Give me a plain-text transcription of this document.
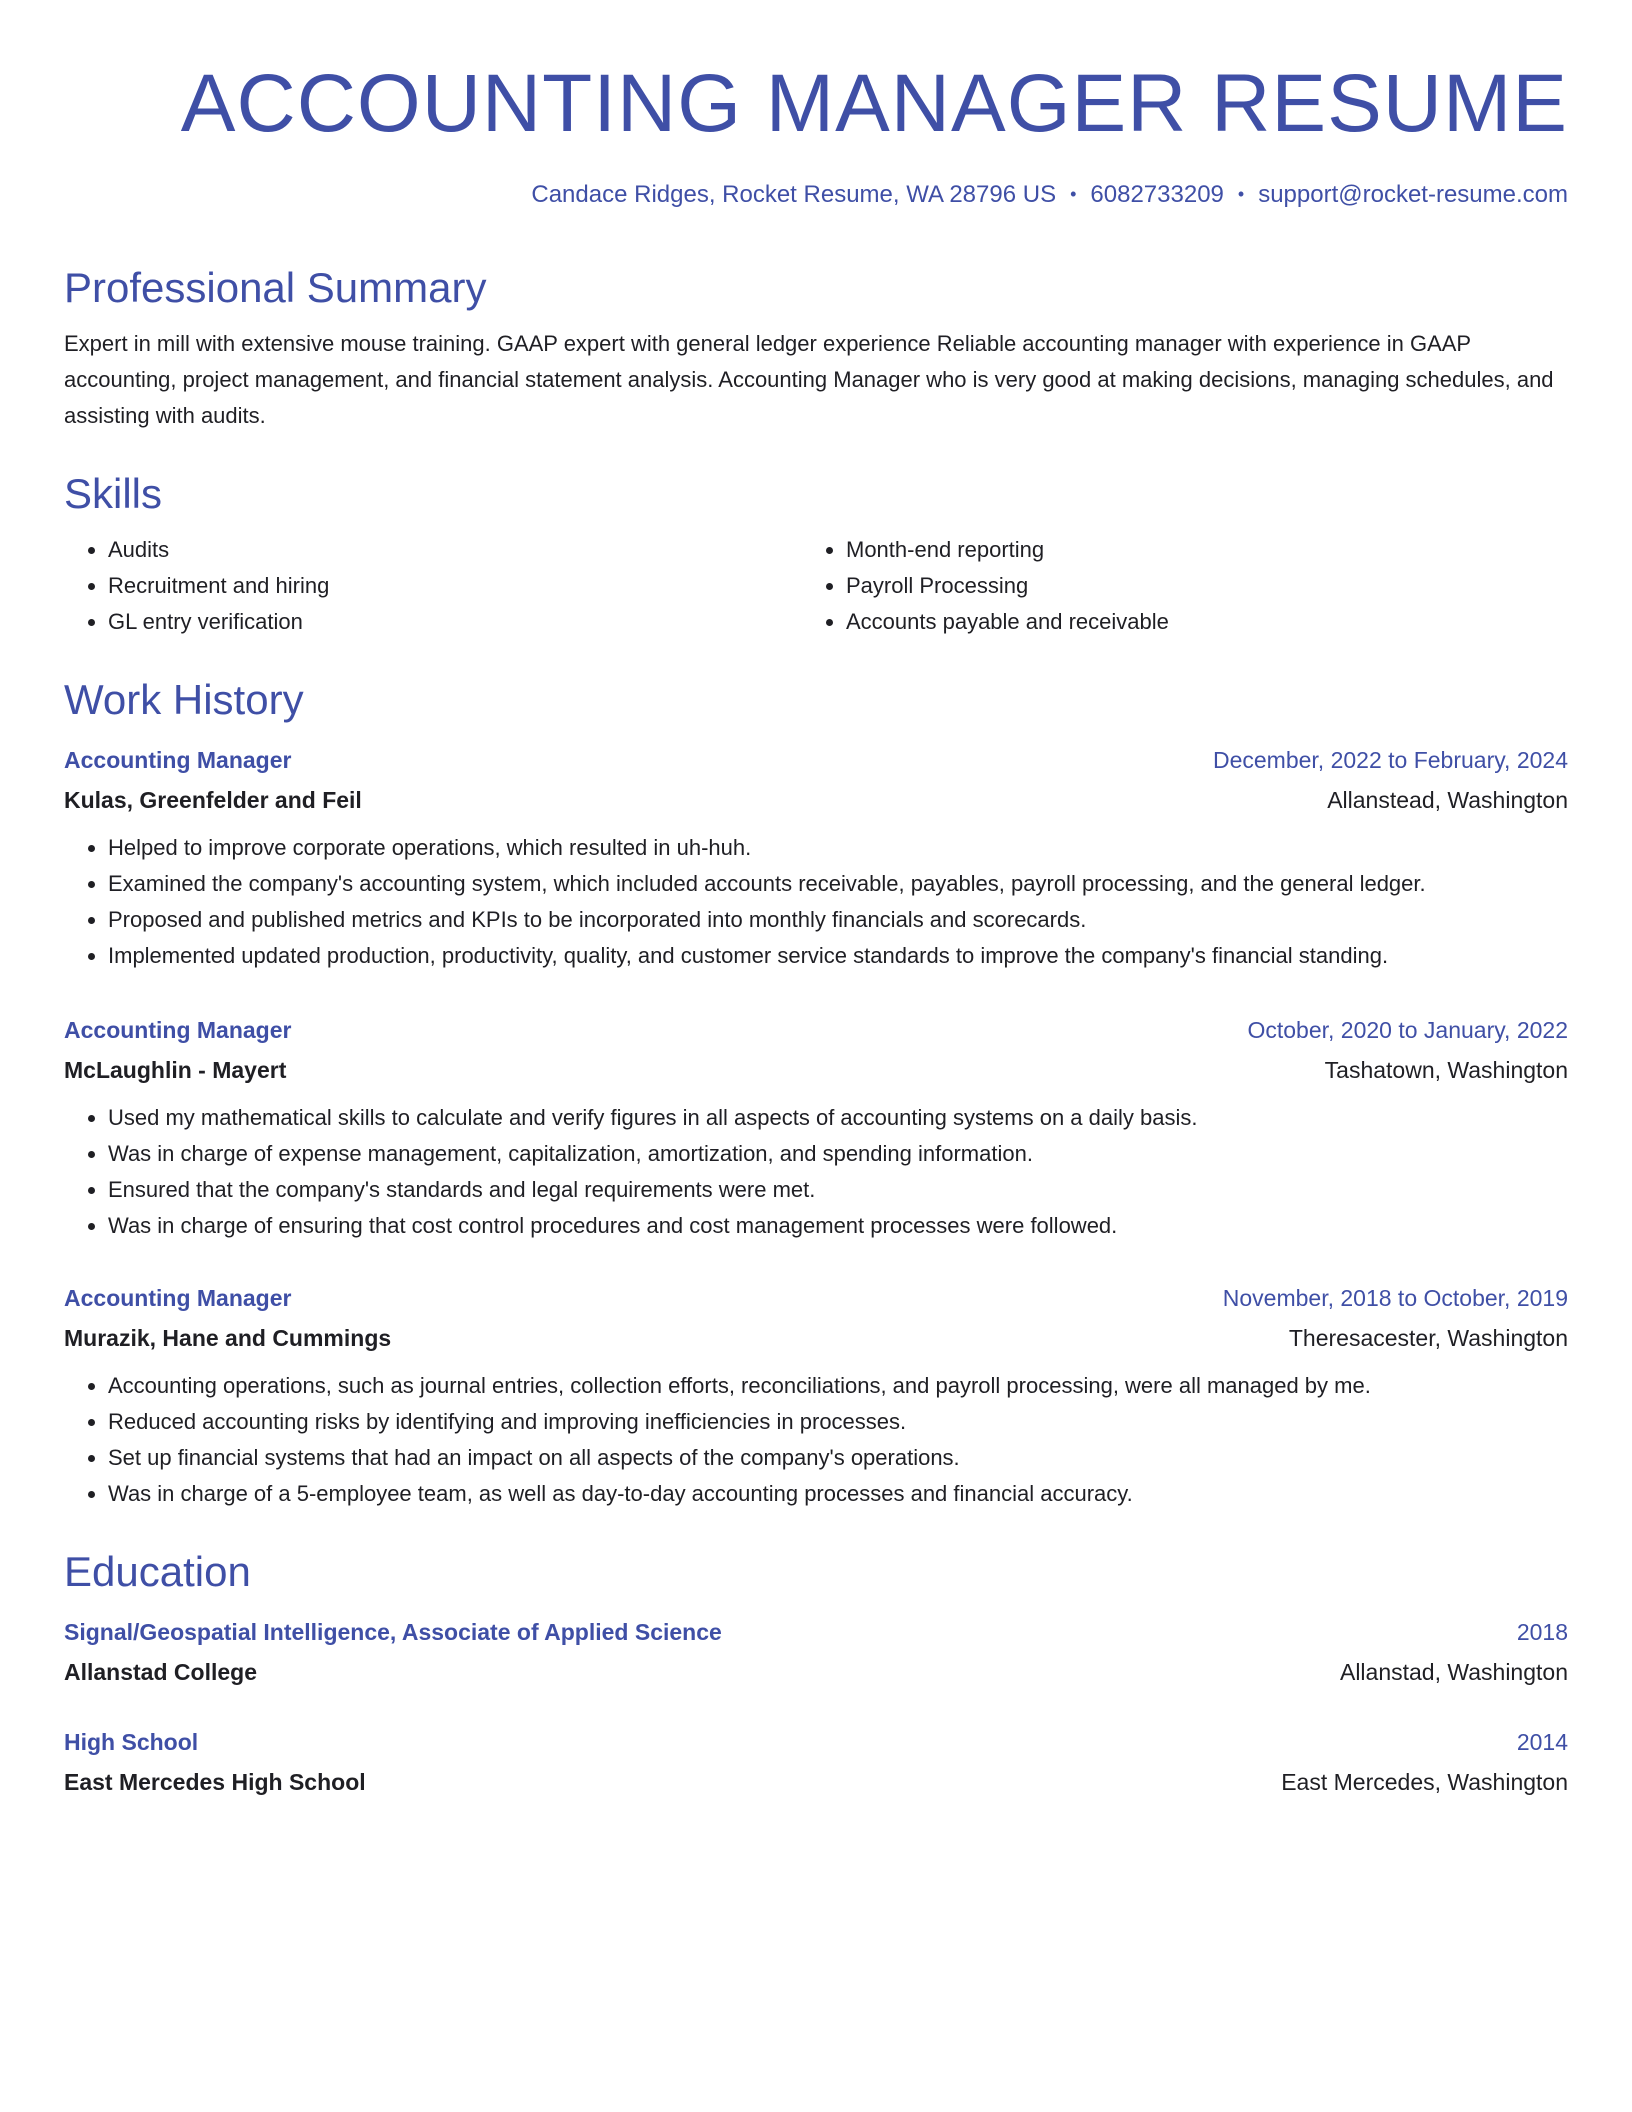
ACCOUNTING MANAGER RESUME
Candace Ridges, Rocket Resume, WA 28796 US • 6082733209 • support@rocket-resume.com
Professional Summary

Expert in mill with extensive mouse training. GAAP expert with general ledger experience Reliable accounting manager with experience in GAAP accounting, project management, and financial statement analysis. Accounting Manager who is very good at making decisions, managing schedules, and assisting with audits.

Skills
• Audits
• Recruitment and hiring
• GL entry verification
• Month-end reporting
• Payroll Processing
• Accounts payable and receivable
Work History
Accounting Manager	December, 2022 to February, 2024
Kulas, Greenfelder and Feil	Allanstead, Washington
• Helped to improve corporate operations, which resulted in uh-huh.
• Examined the company's accounting system, which included accounts receivable, payables, payroll processing, and the general ledger.
• Proposed and published metrics and KPIs to be incorporated into monthly financials and scorecards.
• Implemented updated production, productivity, quality, and customer service standards to improve the company's financial standing.
Accounting Manager	October, 2020 to January, 2022
McLaughlin - Mayert	Tashatown, Washington
• Used my mathematical skills to calculate and verify figures in all aspects of accounting systems on a daily basis.
• Was in charge of expense management, capitalization, amortization, and spending information.
• Ensured that the company's standards and legal requirements were met.
• Was in charge of ensuring that cost control procedures and cost management processes were followed.
Accounting Manager	November, 2018 to October, 2019
Murazik, Hane and Cummings	Theresacester, Washington
• Accounting operations, such as journal entries, collection efforts, reconciliations, and payroll processing, were all managed by me.
• Reduced accounting risks by identifying and improving inefficiencies in processes.
• Set up financial systems that had an impact on all aspects of the company's operations.
• Was in charge of a 5-employee team, as well as day-to-day accounting processes and financial accuracy.
Education
Signal/Geospatial Intelligence, Associate of Applied Science	2018
Allanstad College	Allanstad, Washington
High School	2014
East Mercedes High School	East Mercedes, Washington
